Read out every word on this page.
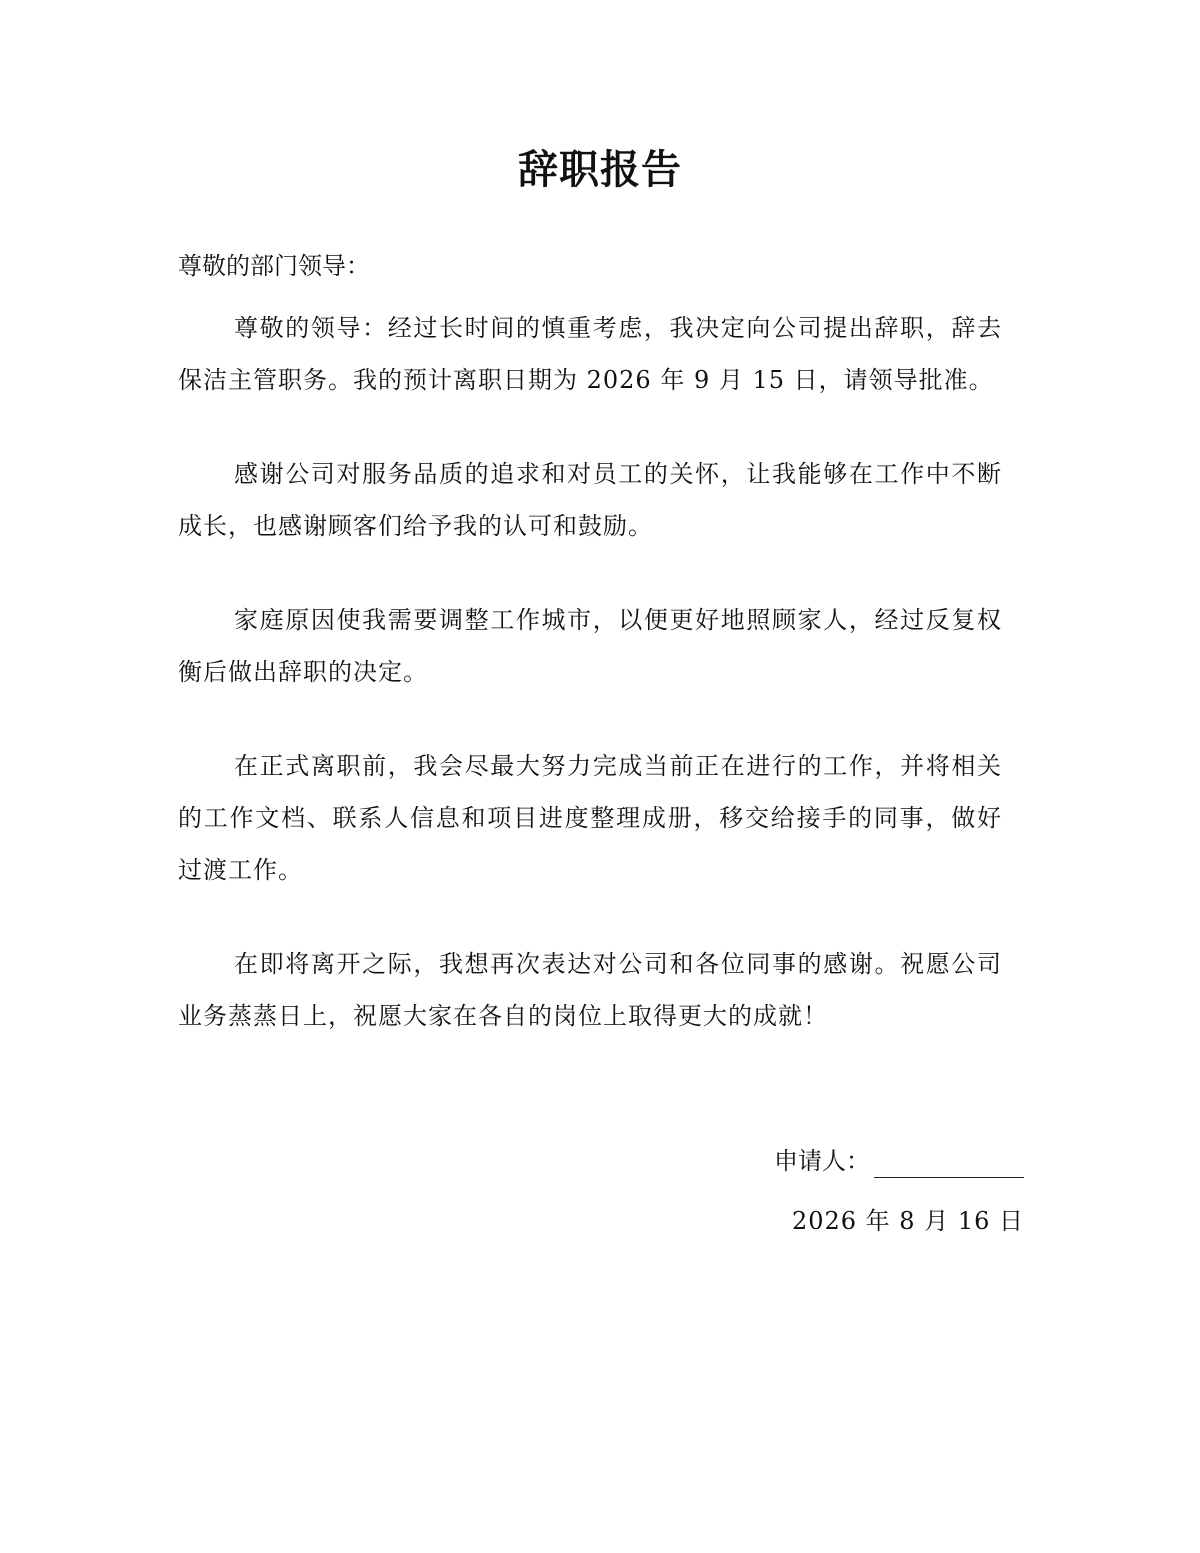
辞职报告
尊敬的部门领导：

尊敬的领导：经过长时间的慎重考虑，我决定向公司提出辞职，辞去保洁主管职务。我的预计离职日期为 2026 年 9 月 15 日，请领导批准。

感谢公司对服务品质的追求和对员工的关怀，让我能够在工作中不断成长，也感谢顾客们给予我的认可和鼓励。

家庭原因使我需要调整工作城市，以便更好地照顾家人，经过反复权衡后做出辞职的决定。

在正式离职前，我会尽最大努力完成当前正在进行的工作，并将相关的工作文档、联系人信息和项目进度整理成册，移交给接手的同事，做好过渡工作。

在即将离开之际，我想再次表达对公司和各位同事的感谢。祝愿公司业务蒸蒸日上，祝愿大家在各自的岗位上取得更大的成就！

申请人：
2026 年 8 月 16 日
